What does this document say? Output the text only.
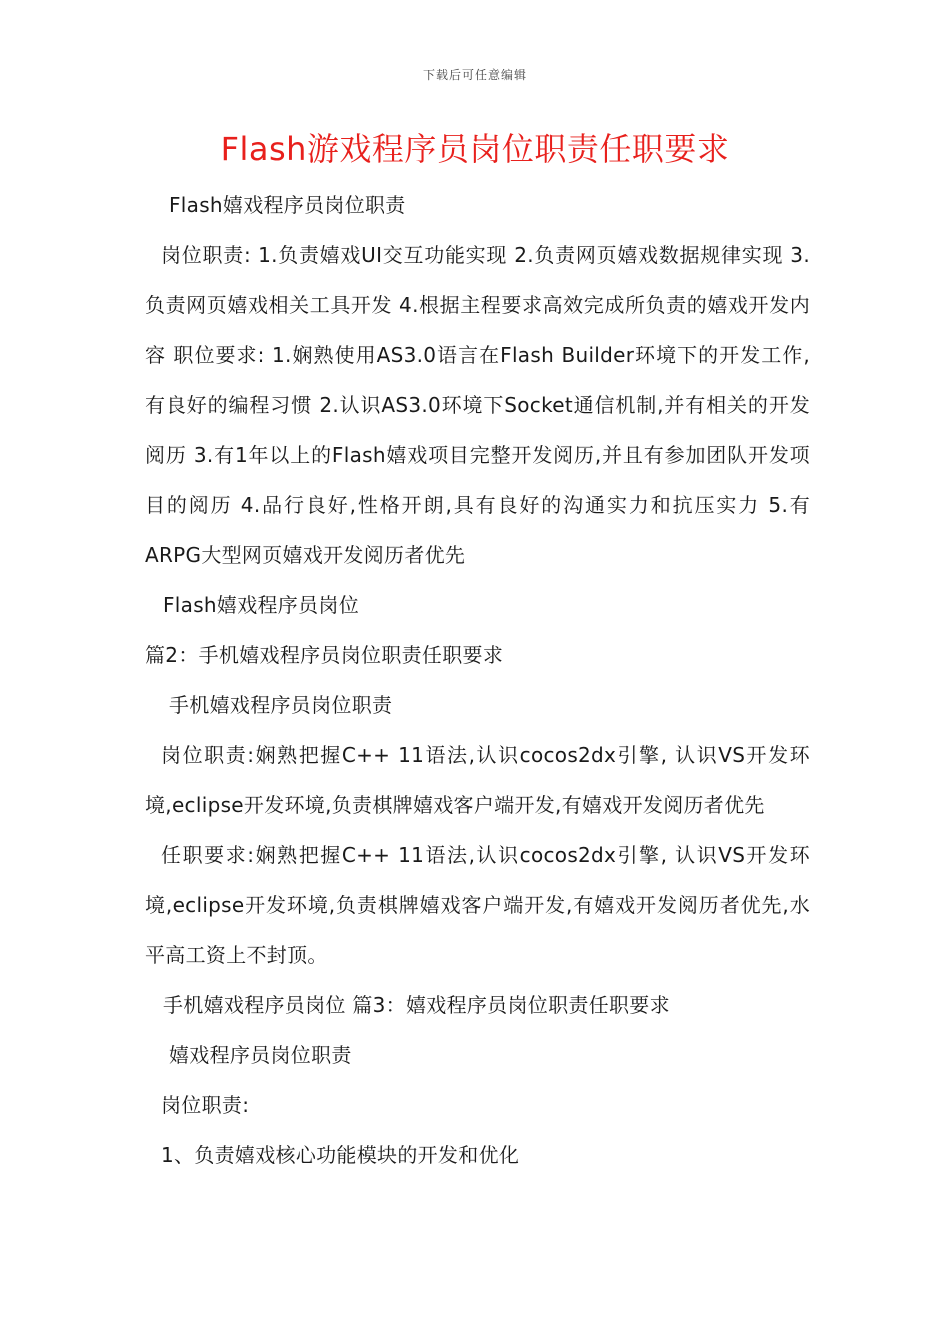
下载后可任意编辑
Flash游戏程序员岗位职责任职要求

Flash嬉戏程序员岗位职责

岗位职责: 1.负责嬉戏UI交互功能实现 2.负责网页嬉戏数据规律实现 3.负责网页嬉戏相关工具开发 4.根据主程要求高效完成所负责的嬉戏开发内容 职位要求: 1.娴熟使用AS3.0语言在Flash Builder环境下的开发工作,有良好的编程习惯 2.认识AS3.0环境下Socket通信机制,并有相关的开发阅历 3.有1年以上的Flash嬉戏项目完整开发阅历,并且有参加团队开发项目的阅历 4.品行良好,性格开朗,具有良好的沟通实力和抗压实力 5.有ARPG大型网页嬉戏开发阅历者优先

Flash嬉戏程序员岗位

篇2：手机嬉戏程序员岗位职责任职要求

手机嬉戏程序员岗位职责

岗位职责:娴熟把握C++ 11语法,认识cocos2dx引擎, 认识VS开发环境,eclipse开发环境,负责棋牌嬉戏客户端开发,有嬉戏开发阅历者优先

任职要求:娴熟把握C++ 11语法,认识cocos2dx引擎, 认识VS开发环境,eclipse开发环境,负责棋牌嬉戏客户端开发,有嬉戏开发阅历者优先,水平高工资上不封顶。

手机嬉戏程序员岗位 篇3：嬉戏程序员岗位职责任职要求

嬉戏程序员岗位职责

岗位职责:

1、负责嬉戏核心功能模块的开发和优化
